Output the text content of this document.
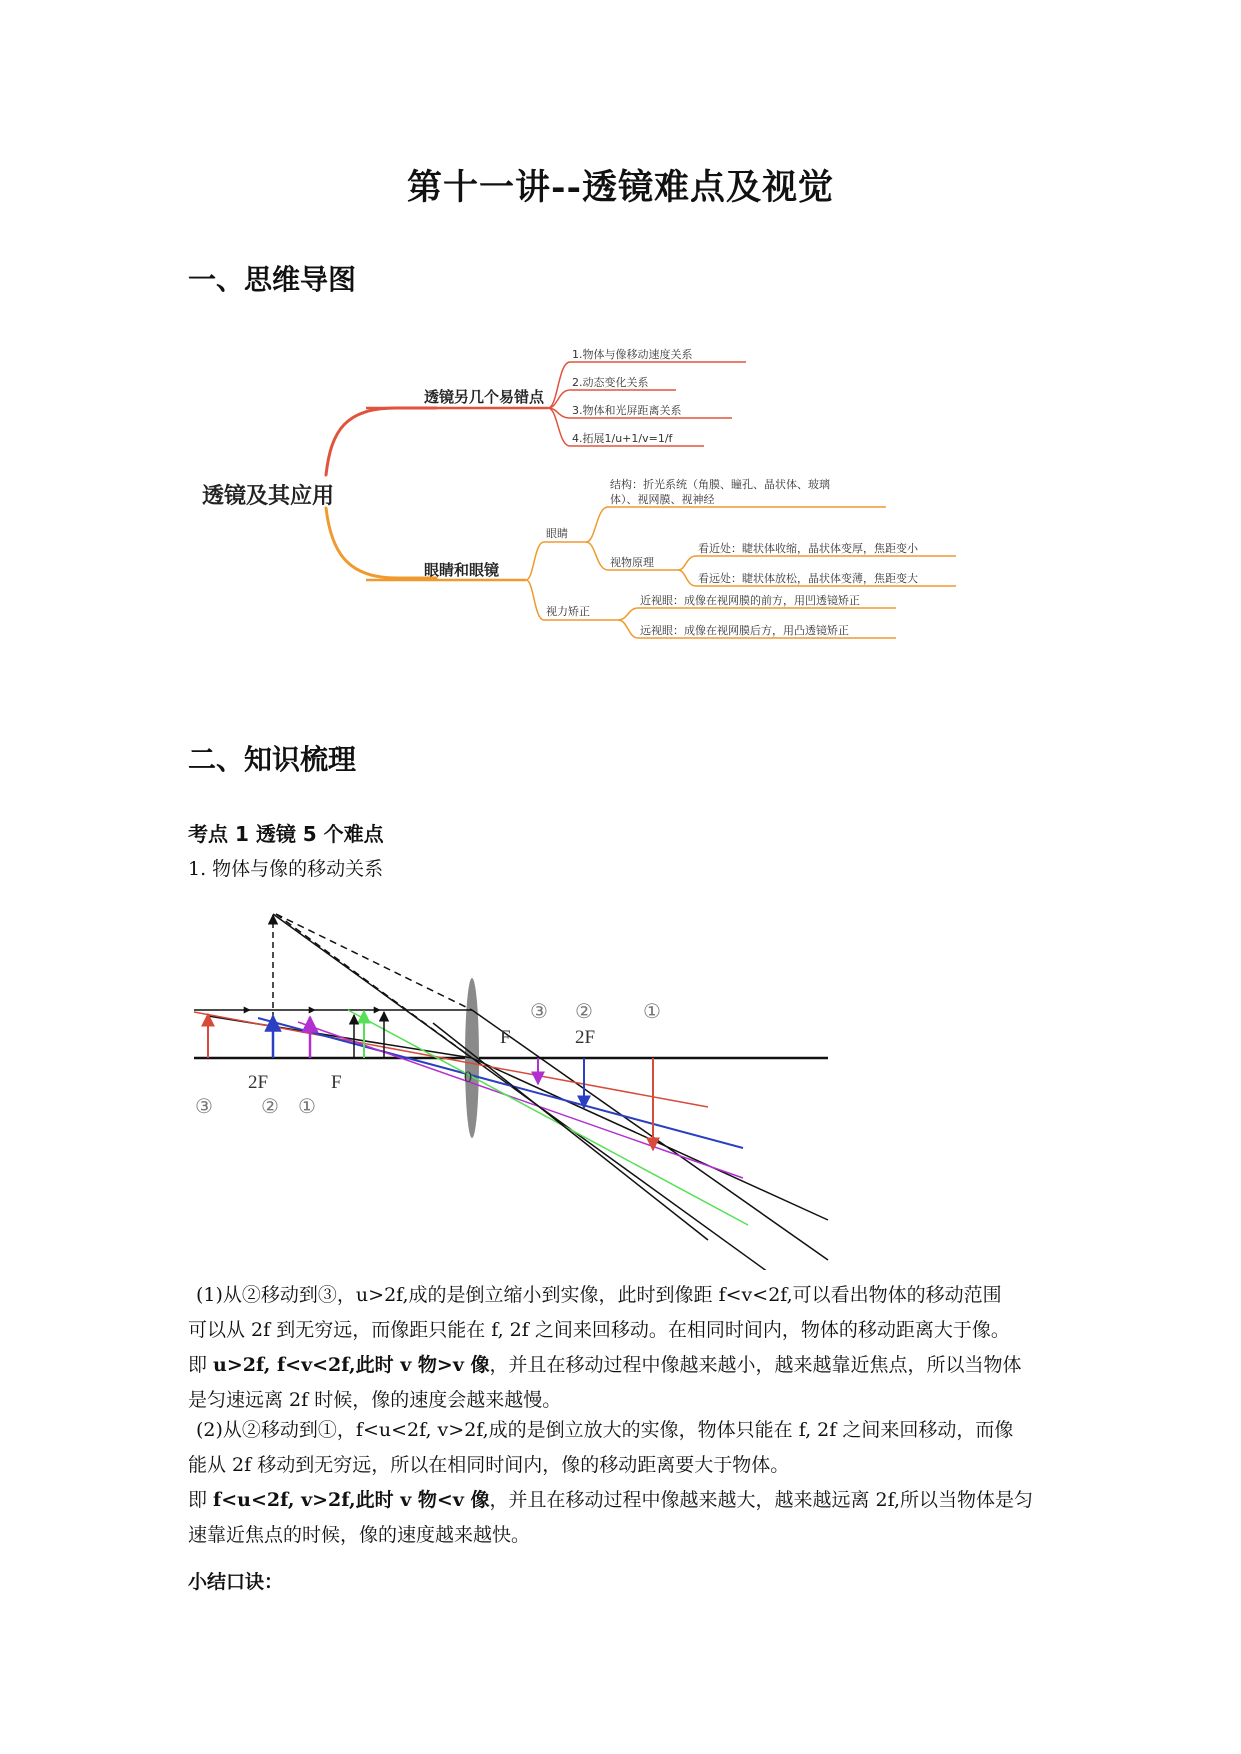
第十一讲--透镜难点及视觉
一、思维导图
透镜及其应用
透镜另几个易错点
眼睛和眼镜
1.物体与像移动速度关系
2.动态变化关系
3.物体和光屏距离关系
4.拓展1/u+1/v=1/f
眼睛
结构：折光系统（角膜、瞳孔、晶状体、玻璃
体）、视网膜、视神经
视物原理
看近处：睫状体收缩，晶状体变厚，焦距变小
看远处：睫状体放松，晶状体变薄，焦距变大
视力矫正
近视眼：成像在视网膜的前方，用凹透镜矫正
远视眼：成像在视网膜后方，用凸透镜矫正
二、知识梳理

考点 1 透镜 5 个难点

1. 物体与像的移动关系

2F	F	0
F	2F
③ ② ①
③ ②	①
(1)从②移动到③，u>2f,成的是倒立缩小到实像，此时到像距 f<v<2f,可以看出物体的移动范围
可以从 2f 到无穷远，而像距只能在 f, 2f 之间来回移动。在相同时间内，物体的移动距离大于像。
即 u>2f, f<v<2f,此时 v 物>v 像，并且在移动过程中像越来越小，越来越靠近焦点，所以当物体
是匀速远离 2f 时候，像的速度会越来越慢。
(2)从②移动到①，f<u<2f, v>2f,成的是倒立放大的实像，物体只能在 f, 2f 之间来回移动，而像
能从 2f 移动到无穷远，所以在相同时间内，像的移动距离要大于物体。
即 f<u<2f, v>2f,此时 v 物<v 像，并且在移动过程中像越来越大，越来越远离 2f,所以当物体是匀
速靠近焦点的时候，像的速度越来越快。
小结口诀：
